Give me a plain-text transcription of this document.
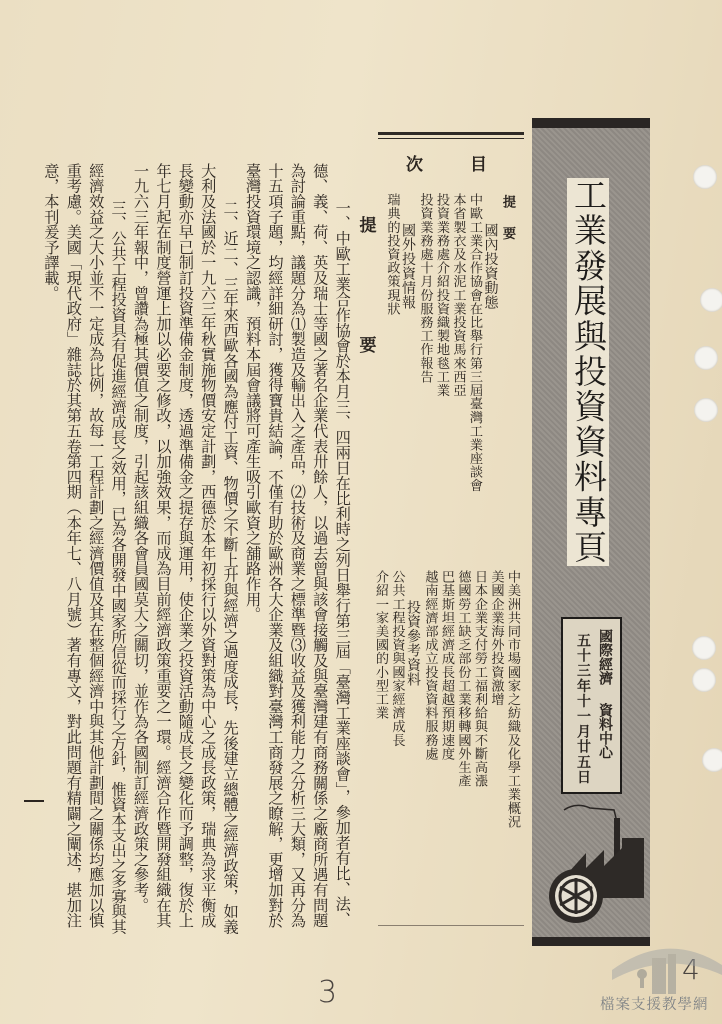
提
要
一、中歐工業合作協會於本月三、四兩日在比利時之列日舉行第三屆「臺灣工業座談會」，參加者有比、法、
德、義、荷、英及瑞士等國之著名企業代表卅餘人，以過去曾與該會接觸及與臺灣建有商務關係之廠商所遇有問題
為討論重點，議題分為⑴製造及輸出入之產品，⑵技術及商業之標準暨⑶收益及獲利能力之分析三大類，又再分為
十五項子題，均經詳細研討，獲得寶貴結論，不僅有助於歐洲各大企業及組織對臺灣工商發展之瞭解，更增加對於
臺灣投資環境之認識，預料本屆會議將可產生吸引歐資之舖路作用。
二、近二、三年來西歐各國為應付工資、物價之不斷上升與經濟之過度成長，先後建立總體之經濟政策，如義
大利及法國於一九六三年秋實施物價安定計劃，西德於本年初採行以外資對策為中心之成長政策，瑞典為求平衡成
長變動亦早已制訂投資準備金制度，透過準備金之提存與運用，使企業之投資活動隨成長之變化而予調整，復於上
年七月起在制度營運上加以必要之修改，以加強效果，而成為目前經濟政策重要之一環。經濟合作暨開發組織在其
一九六三年報中，曾讚為極其價值之制度，引起該組織各會員國莫大之關切，並作為各國制訂經濟政策之參考。
三、公共工程投資具有促進經濟成長之效用，已為各開發中國家所信從而採行之方針，惟資本支出之多寡與其
經濟效益之大小並不一定成為比例，故每一工程計劃之經濟價值及其在整個經濟中與其他計劃間之關係均應加以慎
重考慮。美國「現代政府」雜誌於其第五卷第四期（本年七、八月號）著有專文，對此問題有精闢之闡述，堪加注
意，本刊爰予譯載。	目
次
提要
國內投資動態
中歐工業合作協會在比舉行第三屆臺灣工業座談會
本省製衣及水泥工業投資馬來西亞
投資業務處介紹投資織製地毯工業
投資業務處十月份服務工作報告
國外投資情報
瑞典的投資政策現狀
中美洲共同市場國家之紡織及化學工業概況
美國企業海外投資激增
日本企業支付勞工福利給與不斷高漲
德國勞工缺乏部份工業移轉國外生產
巴基斯坦經濟成長超越預期速度
越南經濟部成立投資資料服務處
投資參考資料
公共工程投資與國家經濟成長
介紹一家美國的小型工業
工業發展與投資資料專頁
國際經濟
資料中心
五十三年十一月廿五日
3
4
檔案支援教學網
